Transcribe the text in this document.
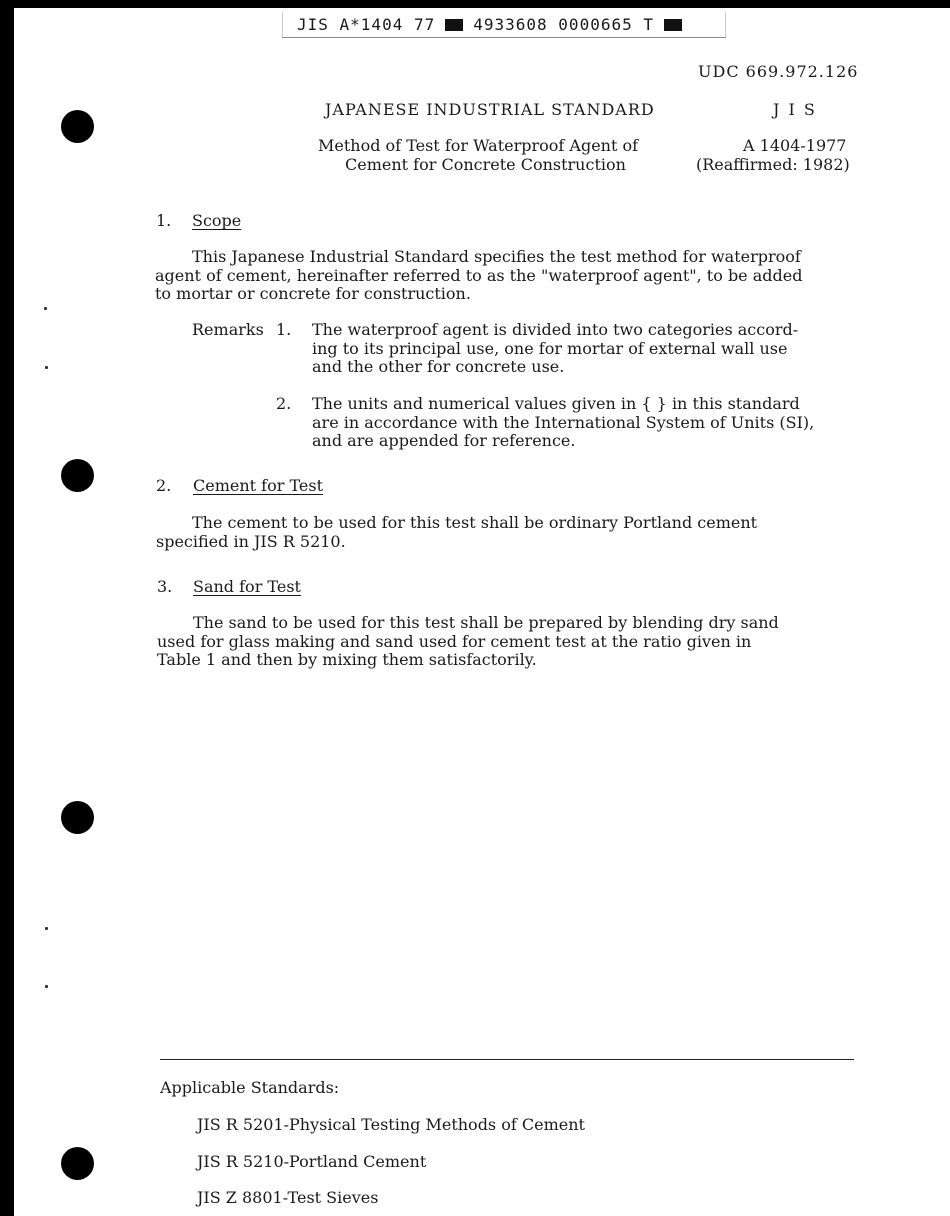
JIS A*1404 77 4933608 0000665 T
UDC 669.972.126
JAPANESE INDUSTRIAL STANDARD	J I S
Method of Test for Waterproof Agent of
Cement for Concrete Construction
A 1404-1977
(Reaffirmed: 1982)
1. Scope
This Japanese Industrial Standard specifies the test method for waterproof
agent of cement, hereinafter referred to as the "waterproof agent", to be added
to mortar or concrete for construction.
Remarks 1. The waterproof agent is divided into two categories accord-
ing to its principal use, one for mortar of external wall use
and the other for concrete use.
2. The units and numerical values given in { } in this standard
are in accordance with the International System of Units (SI),
and are appended for reference.
2. Cement for Test
The cement to be used for this test shall be ordinary Portland cement
specified in JIS R 5210.
3. Sand for Test
The sand to be used for this test shall be prepared by blending dry sand
used for glass making and sand used for cement test at the ratio given in
Table 1 and then by mixing them satisfactorily.
Applicable Standards:
JIS R 5201-Physical Testing Methods of Cement
JIS R 5210-Portland Cement
JIS Z 8801-Test Sieves
